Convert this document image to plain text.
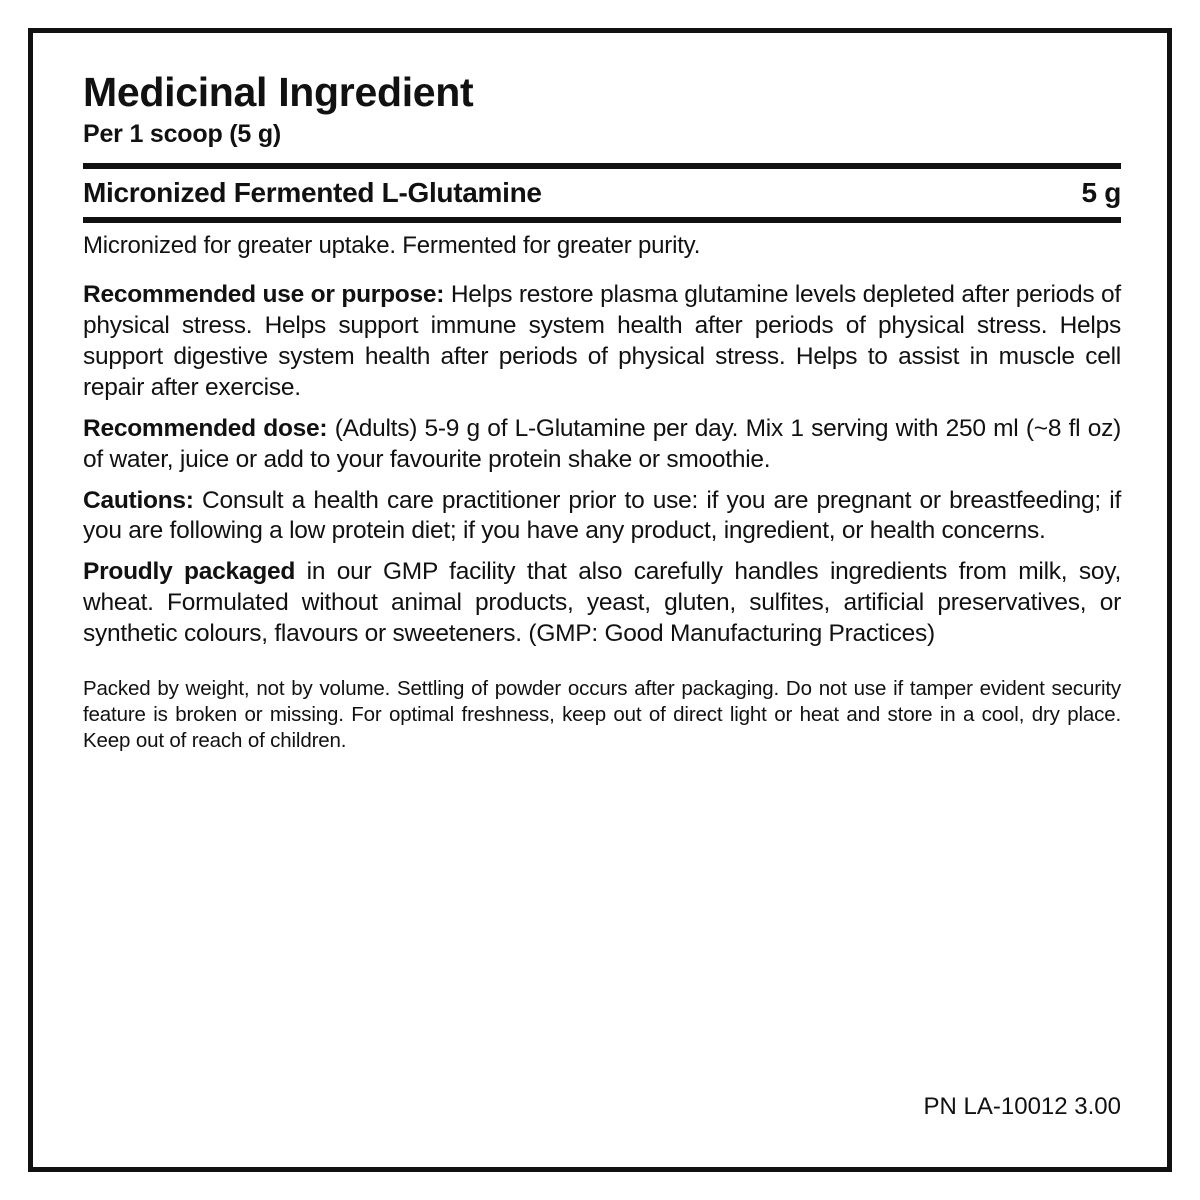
Medicinal Ingredient
Per 1 scoop (5 g)
Micronized Fermented L-Glutamine	5 g

Micronized for greater uptake. Fermented for greater purity.

Recommended use or purpose: Helps restore plasma glutamine levels depleted after periods of physical stress. Helps support immune system health after periods of physical stress. Helps support digestive system health after periods of physical stress. Helps to assist in muscle cell repair after exercise.

Recommended dose: (Adults) 5-9 g of L-Glutamine per day. Mix 1 serving with 250 ml (~8 fl oz) of water, juice or add to your favourite protein shake or smoothie.

Cautions: Consult a health care practitioner prior to use: if you are pregnant or breastfeeding; if you are following a low protein diet; if you have any product, ingredient, or health concerns.

Proudly packaged in our GMP facility that also carefully handles ingredients from milk, soy, wheat. Formulated without animal products, yeast, gluten, sulfites, artificial preservatives, or synthetic colours, flavours or sweeteners. (GMP: Good Manufacturing Practices)

Packed by weight, not by volume. Settling of powder occurs after packaging. Do not use if tamper evident security feature is broken or missing. For optimal freshness, keep out of direct light or heat and store in a cool, dry place. Keep out of reach of children.

PN LA-10012 3.00
